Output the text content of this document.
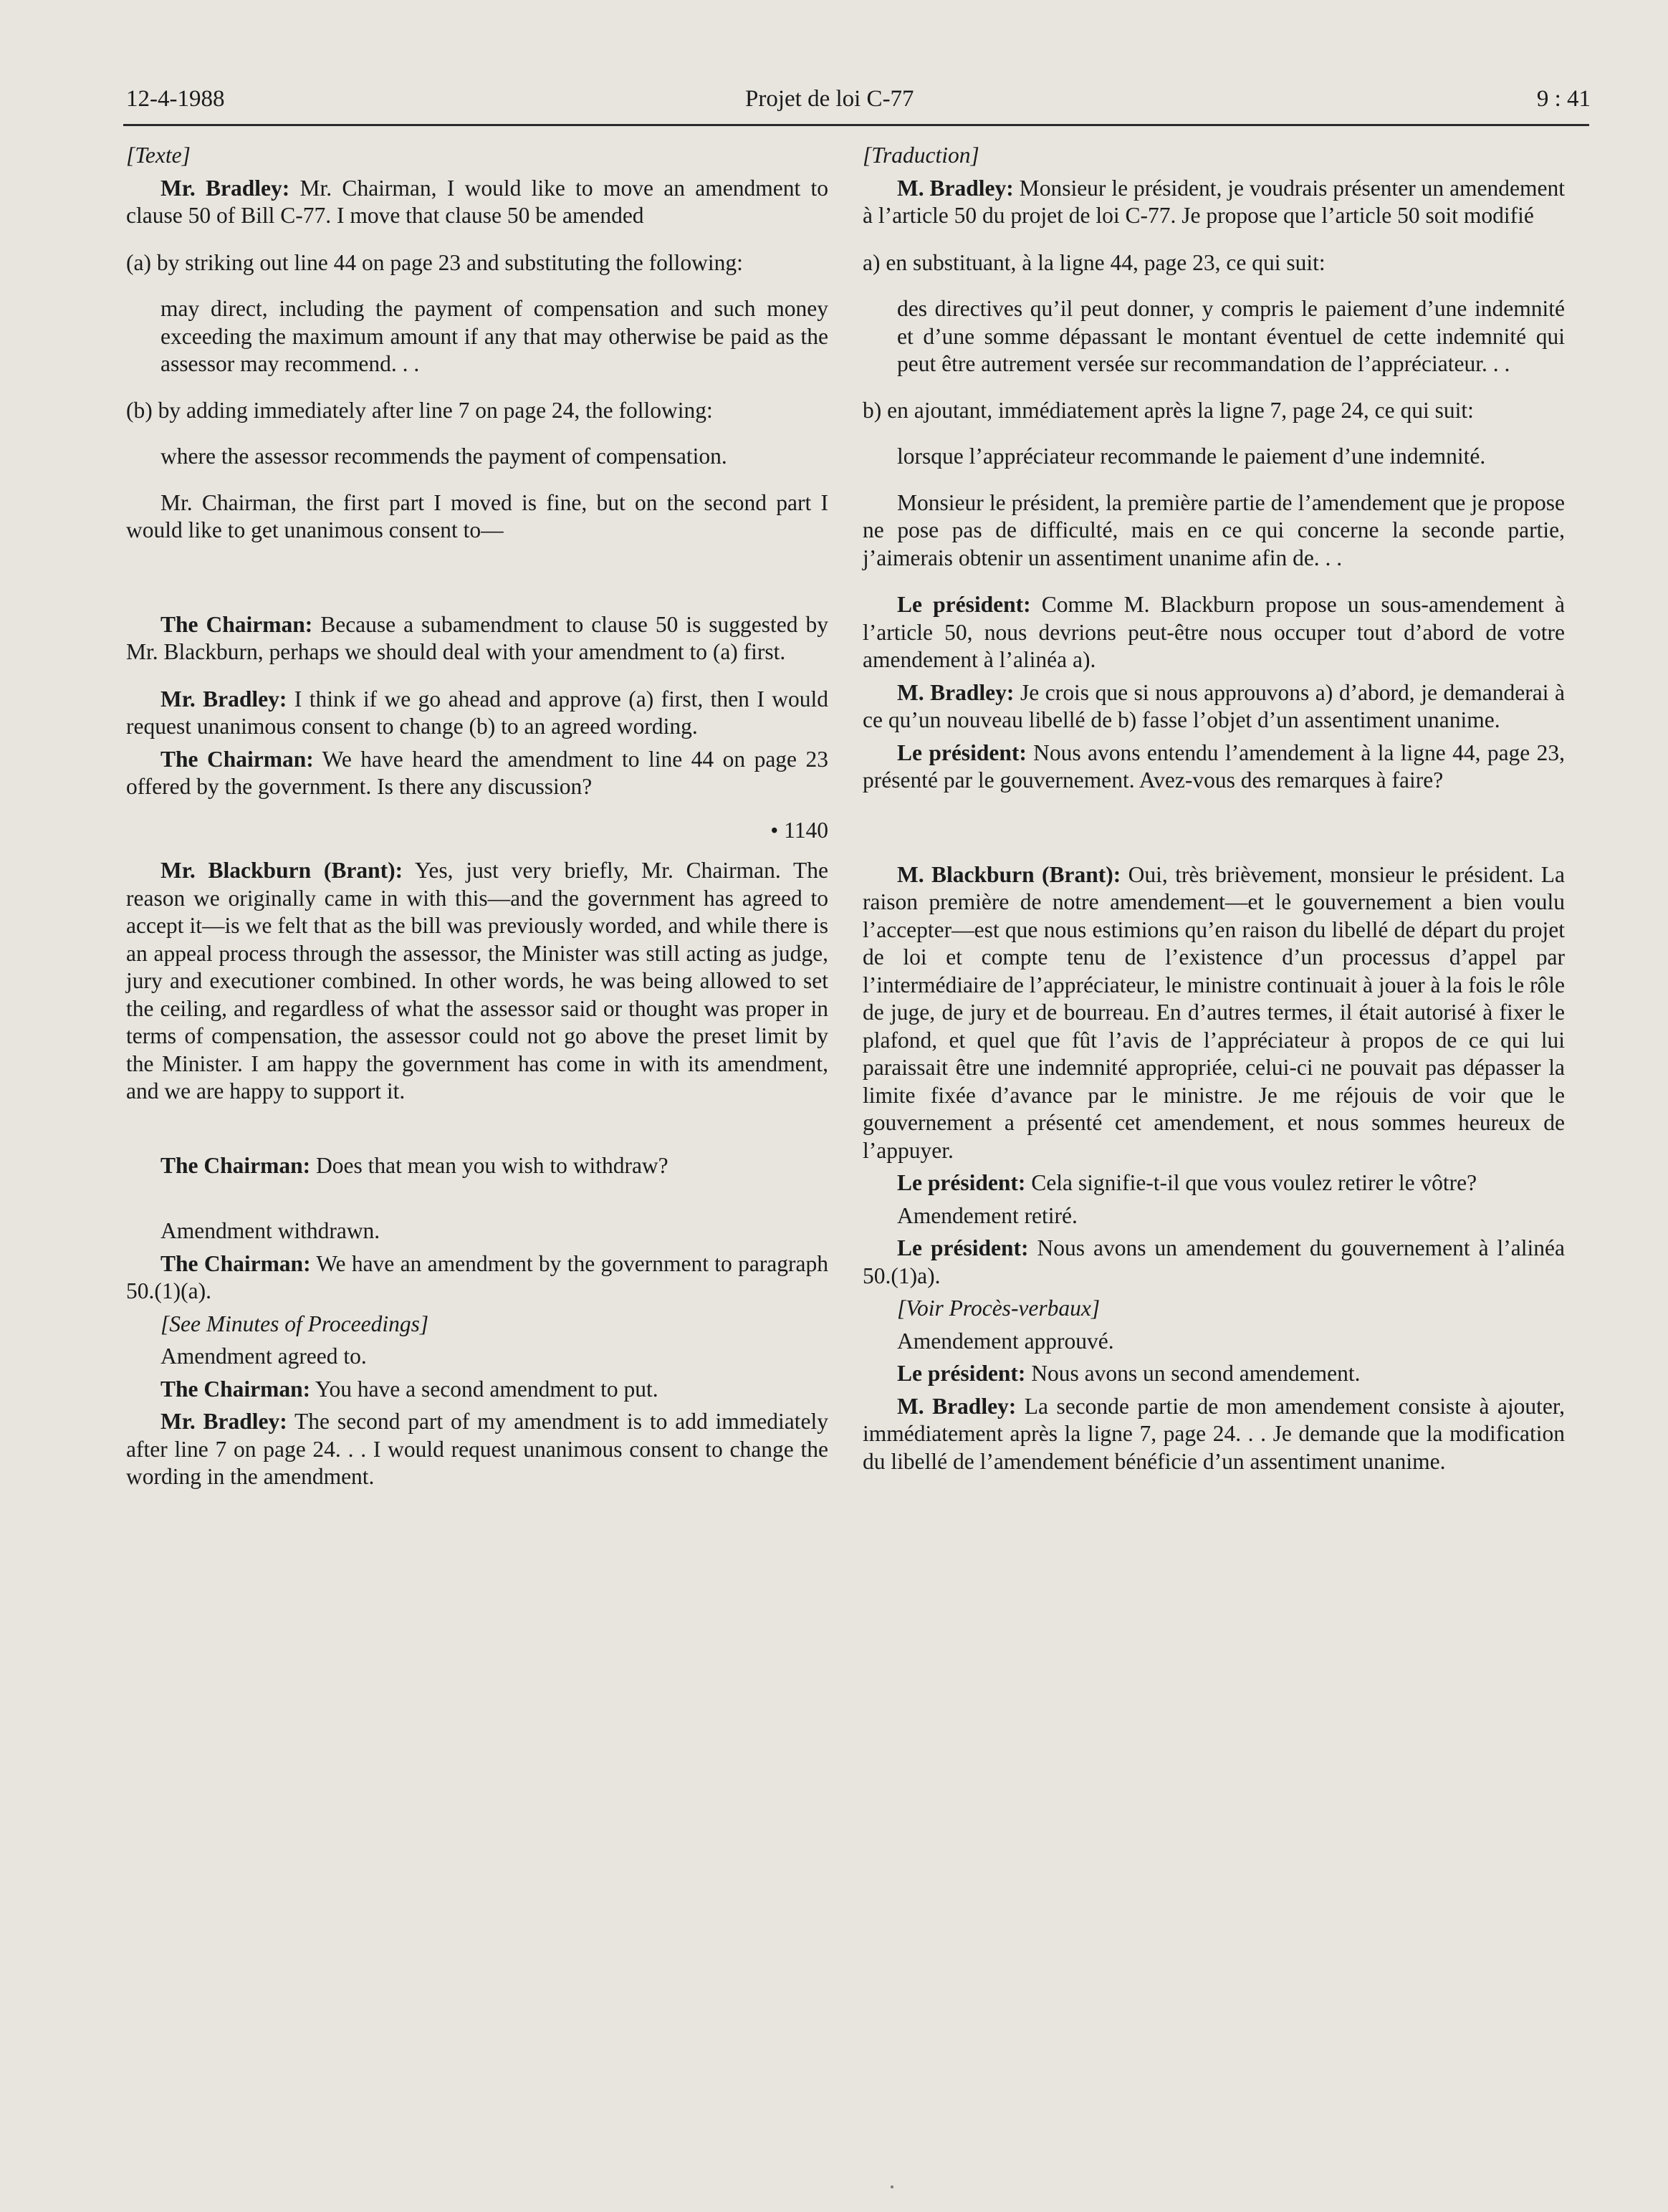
12-4-1988	Projet de loi C-77	9 : 41
[Texte]

Mr. Bradley: Mr. Chairman, I would like to move an amendment to clause 50 of Bill C-77. I move that clause 50 be amended

(a) by striking out line 44 on page 23 and substituting the following:

may direct, including the payment of compensation and such money exceeding the maximum amount if any that may otherwise be paid as the assessor may recommend. . .

(b) by adding immediately after line 7 on page 24, the following:

where the assessor recommends the payment of compensation.

Mr. Chairman, the first part I moved is fine, but on the second part I would like to get unanimous consent to—

The Chairman: Because a subamendment to clause 50 is suggested by Mr. Blackburn, perhaps we should deal with your amendment to (a) first.

Mr. Bradley: I think if we go ahead and approve (a) first, then I would request unanimous consent to change (b) to an agreed wording.

The Chairman: We have heard the amendment to line 44 on page 23 offered by the government. Is there any discussion?

• 1140

Mr. Blackburn (Brant): Yes, just very briefly, Mr. Chairman. The reason we originally came in with this—and the government has agreed to accept it—is we felt that as the bill was previously worded, and while there is an appeal process through the assessor, the Minister was still acting as judge, jury and executioner combined. In other words, he was being allowed to set the ceiling, and regardless of what the assessor said or thought was proper in terms of compensation, the assessor could not go above the preset limit by the Minister. I am happy the government has come in with its amendment, and we are happy to support it.

The Chairman: Does that mean you wish to withdraw?

Amendment withdrawn.

The Chairman: We have an amendment by the government to paragraph 50.(1)(a).

[See Minutes of Proceedings]

Amendment agreed to.

The Chairman: You have a second amendment to put.

Mr. Bradley: The second part of my amendment is to add immediately after line 7 on page 24. . . I would request unanimous consent to change the wording in the amendment.

[Traduction]

M. Bradley: Monsieur le président, je voudrais présenter un amendement à l’article 50 du projet de loi C-77. Je propose que l’article 50 soit modifié

a) en substituant, à la ligne 44, page 23, ce qui suit:

des directives qu’il peut donner, y compris le paiement d’une indemnité et d’une somme dépassant le montant éventuel de cette indemnité qui peut être autrement versée sur recommandation de l’appréciateur. . .

b) en ajoutant, immédiatement après la ligne 7, page 24, ce qui suit:

lorsque l’appréciateur recommande le paiement d’une indemnité.

Monsieur le président, la première partie de l’amendement que je propose ne pose pas de difficulté, mais en ce qui concerne la seconde partie, j’aimerais obtenir un assentiment unanime afin de. . .

Le président: Comme M. Blackburn propose un sous-amendement à l’article 50, nous devrions peut-être nous occuper tout d’abord de votre amendement à l’alinéa a).

M. Bradley: Je crois que si nous approuvons a) d’abord, je demanderai à ce qu’un nouveau libellé de b) fasse l’objet d’un assentiment unanime.

Le président: Nous avons entendu l’amendement à la ligne 44, page 23, présenté par le gouvernement. Avez-vous des remarques à faire?

M. Blackburn (Brant): Oui, très brièvement, monsieur le président. La raison première de notre amendement—et le gouvernement a bien voulu l’accepter—est que nous estimions qu’en raison du libellé de départ du projet de loi et compte tenu de l’existence d’un processus d’appel par l’intermédiaire de l’appréciateur, le ministre continuait à jouer à la fois le rôle de juge, de jury et de bourreau. En d’autres termes, il était autorisé à fixer le plafond, et quel que fût l’avis de l’appréciateur à propos de ce qui lui paraissait être une indemnité appropriée, celui-ci ne pouvait pas dépasser la limite fixée d’avance par le ministre. Je me réjouis de voir que le gouvernement a présenté cet amendement, et nous sommes heureux de l’appuyer.

Le président: Cela signifie-t-il que vous voulez retirer le vôtre?

Amendement retiré.

Le président: Nous avons un amendement du gouvernement à l’alinéa 50.(1)a).

[Voir Procès-verbaux]

Amendement approuvé.

Le président: Nous avons un second amendement.

M. Bradley: La seconde partie de mon amendement consiste à ajouter, immédiatement après la ligne 7, page 24. . . Je demande que la modification du libellé de l’amendement bénéficie d’un assentiment unanime.
